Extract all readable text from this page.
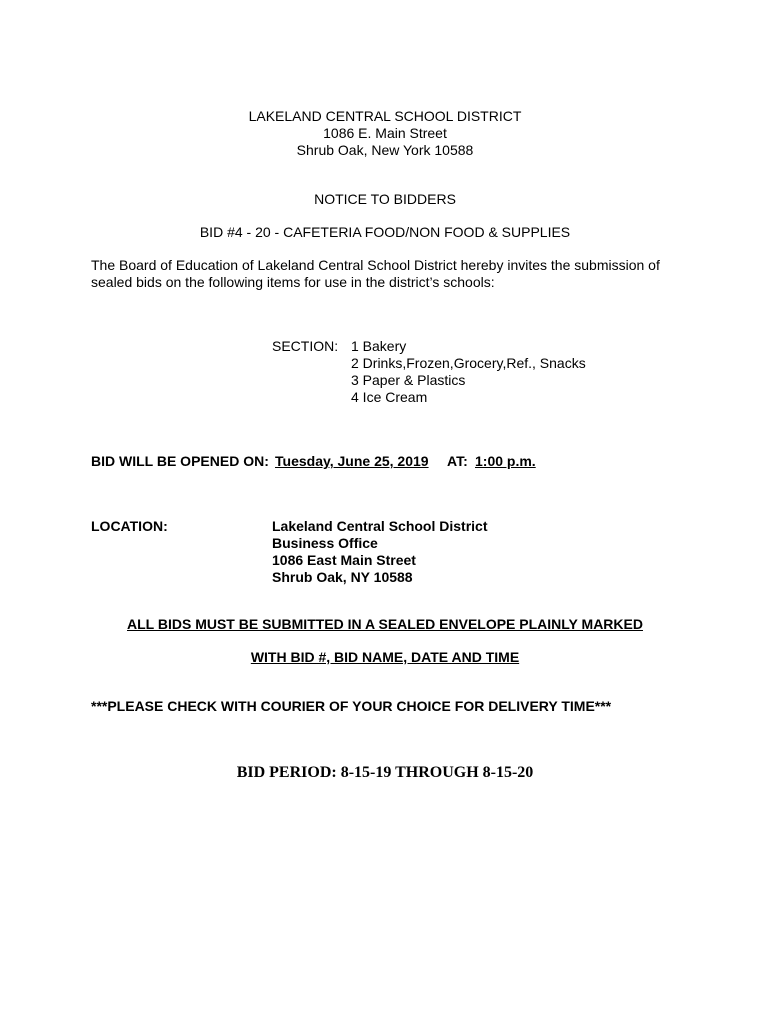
LAKELAND CENTRAL SCHOOL DISTRICT
1086 E. Main Street
Shrub Oak, New York 10588
NOTICE TO BIDDERS
BID #4 - 20 - CAFETERIA FOOD/NON FOOD & SUPPLIES
The Board of Education of Lakeland Central School District hereby invites the submission of
sealed bids on the following items for use in the district’s schools:
SECTION: 1 Bakery
2 Drinks,Frozen,Grocery,Ref., Snacks
3 Paper & Plastics
4 Ice Cream
BID WILL BE OPENED ON: Tuesday, June 25, 2019 AT: 1:00 p.m.
LOCATION:	Lakeland Central School District
Business Office
1086 East Main Street
Shrub Oak, NY 10588
ALL BIDS MUST BE SUBMITTED IN A SEALED ENVELOPE PLAINLY MARKED
WITH BID #, BID NAME, DATE AND TIME
***PLEASE CHECK WITH COURIER OF YOUR CHOICE FOR DELIVERY TIME***
BID PERIOD: 8-15-19 THROUGH 8-15-20
